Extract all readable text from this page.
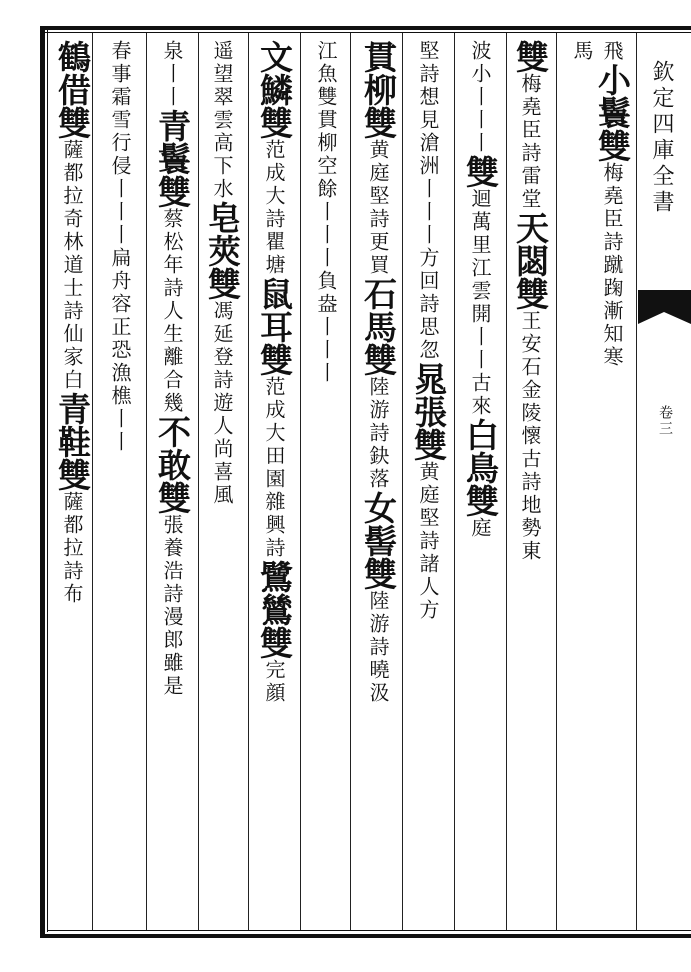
欽定四庫全書
卷三
飛小鬟雙梅堯臣詩蹴踘漸知寒
馬
雙梅堯臣詩雷堂天閟雙王安石金陵懷古詩地勢東
波小丨丨丨雙迴萬里江雲開丨丨古來白鳥雙庭
堅詩想見滄洲丨丨丨方回詩思忽晁張雙黄庭堅詩諸人方
貫柳雙黄庭堅詩更買石馬雙陸游詩鈌落女髻雙陸游詩曉汲
江魚雙貫柳空餘丨丨丨負盎丨丨丨
文鱗雙范成大詩瞿塘鼠耳雙范成大田園雜興詩鷺鷥雙完顔
遥望翠雲高下水皂莢雙馮延登詩遊人尚喜風
泉丨丨青鬟雙蔡松年詩人生離合幾不敢雙張養浩詩漫郎雖是
春事霜雪行侵丨丨丨扁舟容正恐漁樵丨丨
鶴借雙薩都拉奇林道士詩仙家白青鞋雙薩都拉詩布
